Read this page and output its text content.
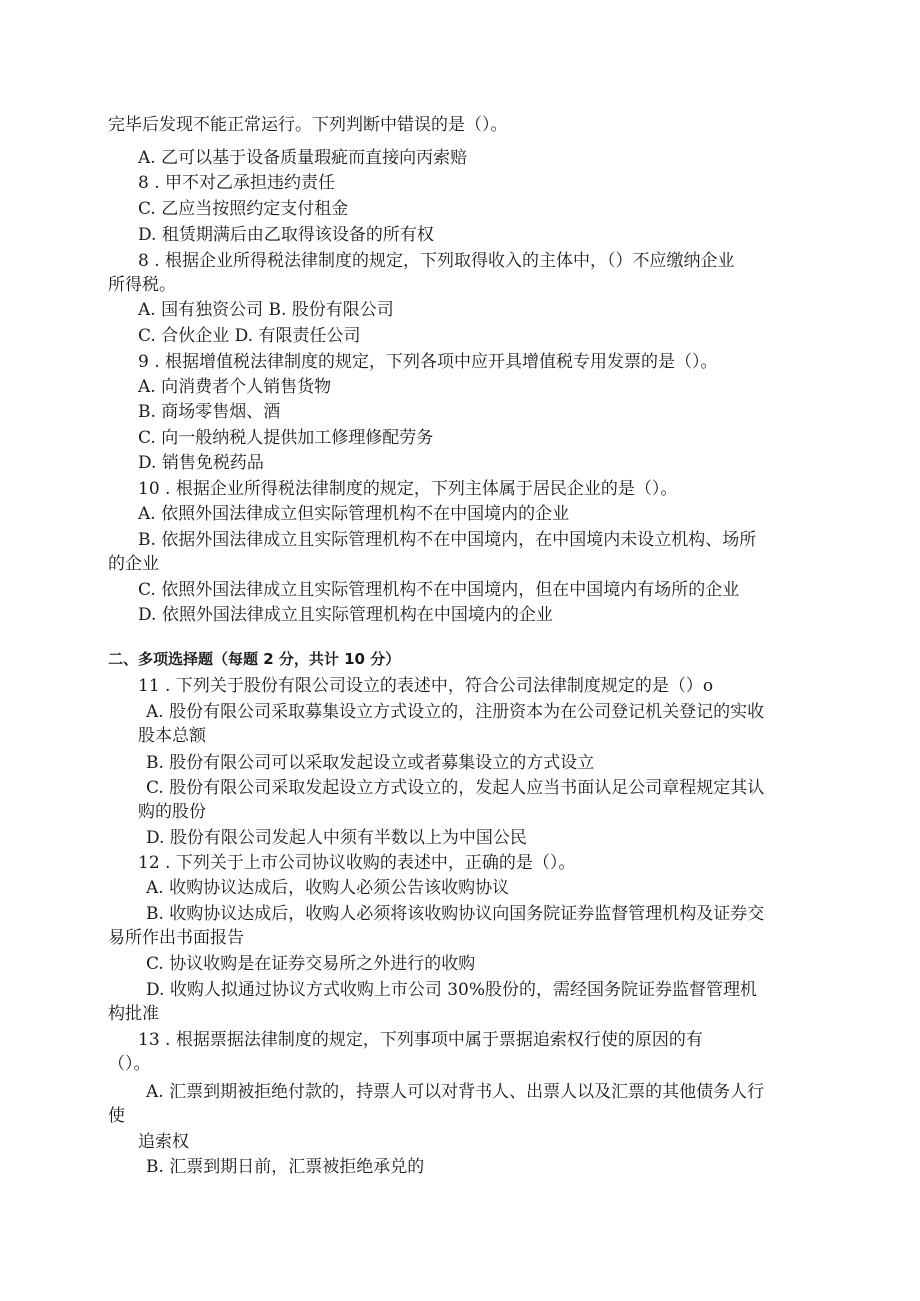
完毕后发现不能正常运行。下列判断中错误的是（）。
A. 乙可以基于设备质量瑕疵而直接向丙索赔
8 . 甲不对乙承担违约责任
C. 乙应当按照约定支付租金
D. 租赁期满后由乙取得该设备的所有权
8 . 根据企业所得税法律制度的规定，下列取得收入的主体中，（）不应缴纳企业
所得税。
A. 国有独资公司 B. 股份有限公司
C. 合伙企业 D. 有限责任公司
9 . 根据增值税法律制度的规定，下列各项中应开具增值税专用发票的是（）。
A. 向消费者个人销售货物
B. 商场零售烟、酒
C. 向一般纳税人提供加工修理修配劳务
D. 销售免税药品
10 . 根据企业所得税法律制度的规定，下列主体属于居民企业的是（）。
A. 依照外国法律成立但实际管理机构不在中国境内的企业
B. 依据外国法律成立且实际管理机构不在中国境内，在中国境内未设立机构、场所
的企业
C. 依照外国法律成立且实际管理机构不在中国境内，但在中国境内有场所的企业
D. 依照外国法律成立且实际管理机构在中国境内的企业
二、多项选择题（每题 2 分，共计 10 分）
11 . 下列关于股份有限公司设立的表述中，符合公司法律制度规定的是（）o
A. 股份有限公司采取募集设立方式设立的，注册资本为在公司登记机关登记的实收
股本总额
B. 股份有限公司可以采取发起设立或者募集设立的方式设立
C. 股份有限公司采取发起设立方式设立的，发起人应当书面认足公司章程规定其认
购的股份
D. 股份有限公司发起人中须有半数以上为中国公民
12 . 下列关于上市公司协议收购的表述中，正确的是（）。
A. 收购协议达成后，收购人必须公告该收购协议
B. 收购协议达成后，收购人必须将该收购协议向国务院证券监督管理机构及证券交
易所作出书面报告
C. 协议收购是在证券交易所之外进行的收购
D. 收购人拟通过协议方式收购上市公司 30%股份的，需经国务院证券监督管理机
构批准
13 . 根据票据法律制度的规定，下列事项中属于票据追索权行使的原因的有
（）。
A. 汇票到期被拒绝付款的，持票人可以对背书人、出票人以及汇票的其他债务人行
使
追索权
B. 汇票到期日前，汇票被拒绝承兑的
